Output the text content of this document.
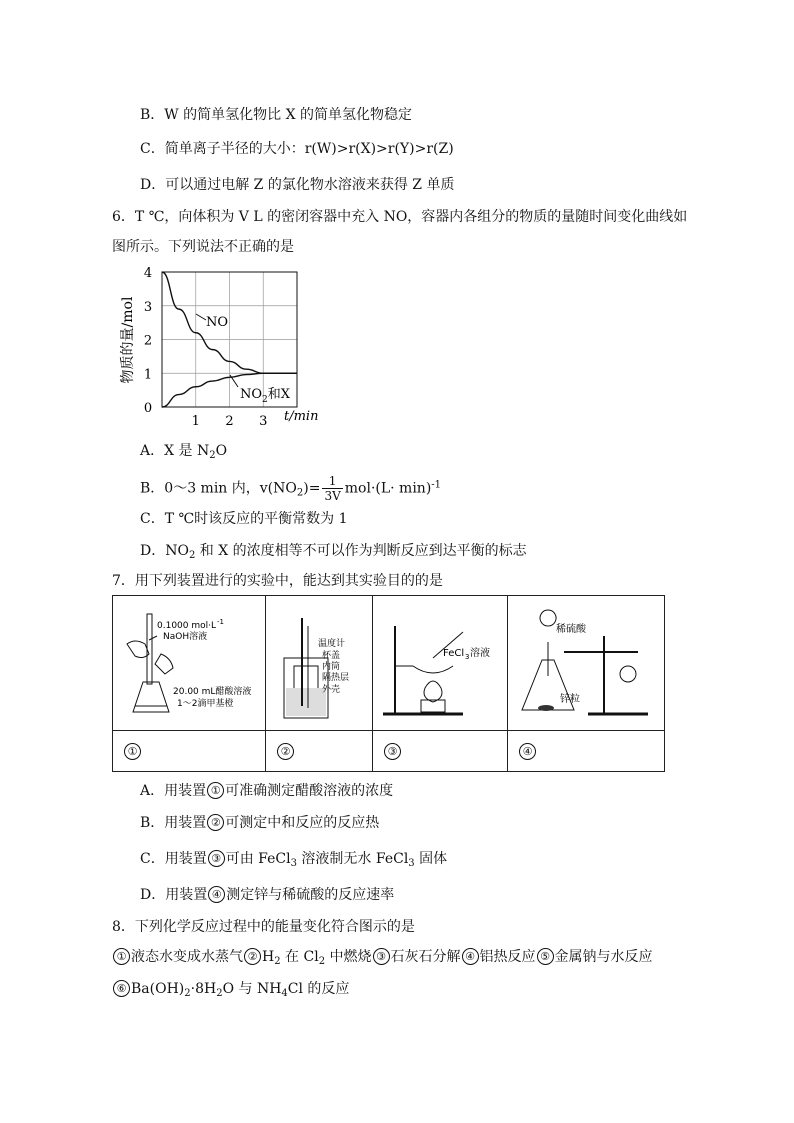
B．W 的简单氢化物比 X 的简单氢化物稳定
C．简单离子半径的大小：r(W)>r(X)>r(Y)>r(Z)
D．可以通过电解 Z 的氯化物水溶液来获得 Z 单质
6．T ℃，向体积为 V L 的密闭容器中充入 NO，容器内各组分的物质的量随时间变化曲线如
图所示。下列说法不正确的是
物质的量/mol
0
1
2
3
4
1 2 3
NO
$NO_2$和X
t/min
A．X 是 $N_2O$
B．0～3 min 内，$v(NO_2)= \frac{1}{3V} mol\cdot(L\cdot \min)^{-1}$
C．T ℃时该反应的平衡常数为 1
D．$NO_2$ 和 X 的浓度相等不可以作为判断反应到达平衡的标志
7．用下列装置进行的实验中，能达到其实验目的的是
0.1000 mol·L -1
NaOH溶液
20.00 mL醋酸溶液
1～2滴甲基橙	温度计
杯盖
内筒
隔热层
外壳	FeCl 3 溶液	稀硫酸
锌粒

①	②	③	④
A．用装置 ① 可准确测定醋酸溶液的浓度
B．用装置 ② 可测定中和反应的反应热
C．用装置 ③ 可由 FeCl$_3$ 溶液制无水 FeCl$_3$ 固体
D．用装置 ④ 测定锌与稀硫酸的反应速率
8．下列化学反应过程中的能量变化符合图示的是
① 液态水变成水蒸气 ② $H_2$ 在 $Cl_2$ 中燃烧 ③ 石灰石分解 ④ 铝热反应 ⑤ 金属钠与水反应
⑥ $Ba(OH)_2\cdot 8H_2O$ 与 $NH_4Cl$ 的反应
